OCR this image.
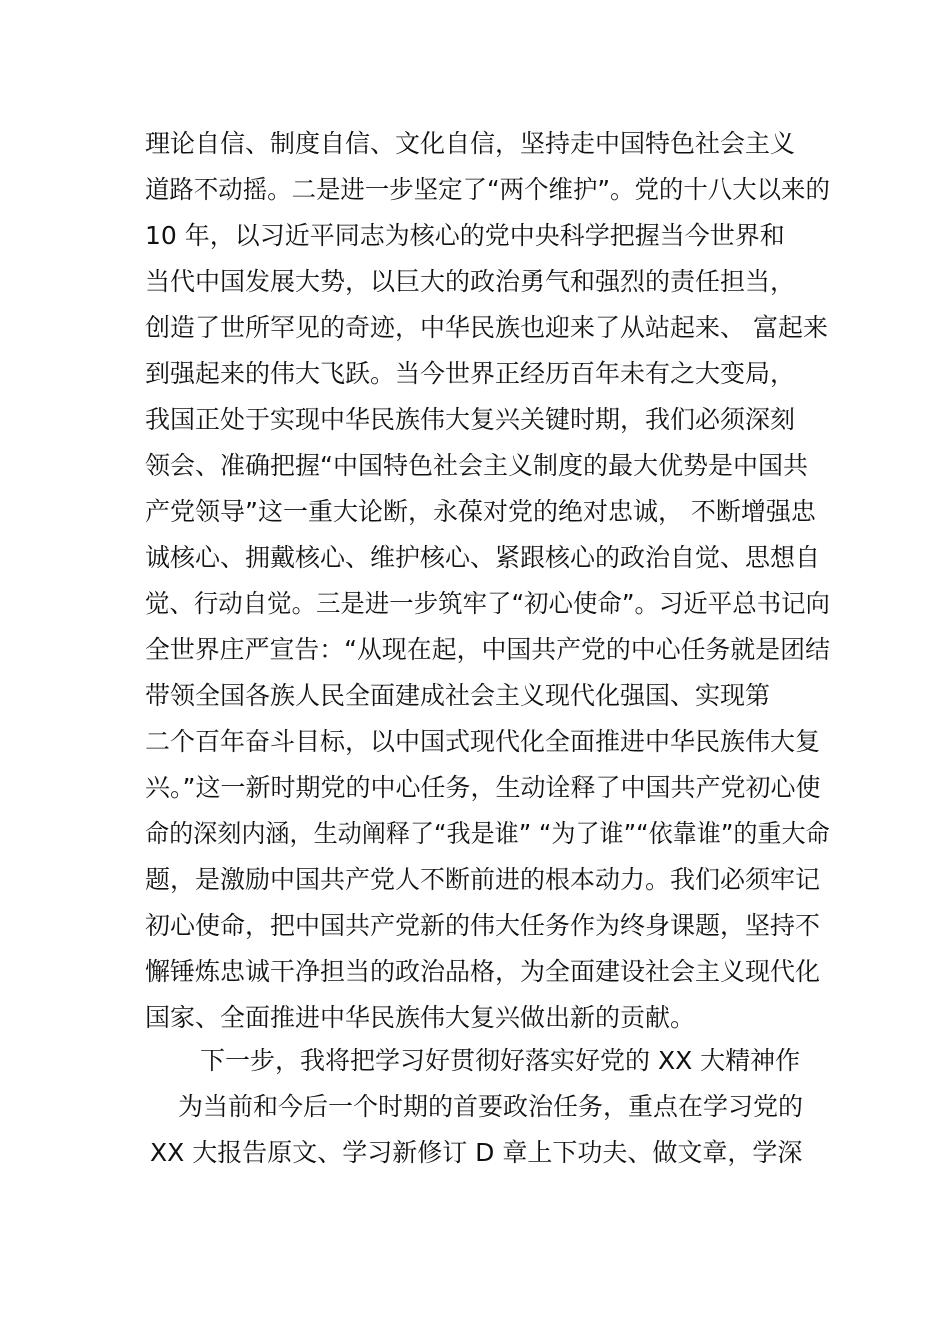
理论自信、制度自信、文化自信，坚持走中国特色社会主义
道路不动摇。二是进一步坚定了“两个维护”。党的十八大以来的
10 年，以习近平同志为核心的党中央科学把握当今世界和
当代中国发展大势，以巨大的政治勇气和强烈的责任担当，
创造了世所罕见的奇迹，中华民族也迎来了从站起来、 富起来
到强起来的伟大飞跃。当今世界正经历百年未有之大变局，
我国正处于实现中华民族伟大复兴关键时期，我们必须深刻
领会、准确把握“中国特色社会主义制度的最大优势是中国共
产党领导”这一重大论断，永葆对党的绝对忠诚， 不断增强忠
诚核心、拥戴核心、维护核心、紧跟核心的政治自觉、思想自
觉、行动自觉。三是进一步筑牢了“初心使命”。习近平总书记向
全世界庄严宣告：“从现在起，中国共产党的中心任务就是团结
带领全国各族人民全面建成社会主义现代化强国、实现第
二个百年奋斗目标，以中国式现代化全面推进中华民族伟大复
兴。”这一新时期党的中心任务，生动诠释了中国共产党初心使
命的深刻内涵，生动阐释了“我是谁” “为了谁”“依靠谁”的重大命
题，是激励中国共产党人不断前进的根本动力。我们必须牢记
初心使命，把中国共产党新的伟大任务作为终身课题，坚持不
懈锤炼忠诚干净担当的政治品格，为全面建设社会主义现代化
国家、全面推进中华民族伟大复兴做出新的贡献。
下一步，我将把学习好贯彻好落实好党的 XX 大精神作
为当前和今后一个时期的首要政治任务，重点在学习党的
XX 大报告原文、学习新修订 D 章上下功夫、做文章，学深
